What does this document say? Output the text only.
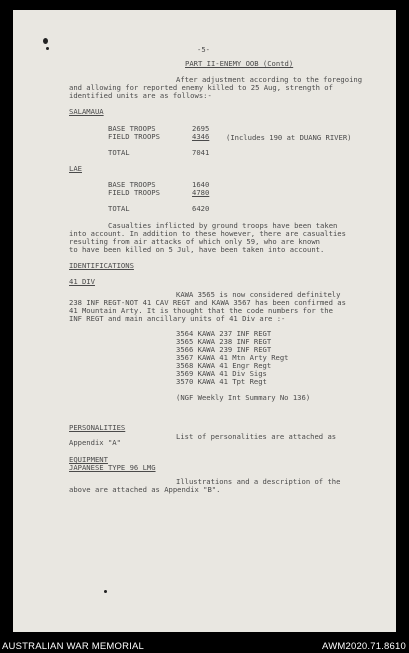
-5-
PART II-ENEMY OOB (Contd)
After adjustment according to the foregoing
and allowing for reported enemy killed to 25 Aug, strength of
identified units are as follows:-
SALAMAUA
BASE TROOPS	2695
FIELD TROOPS	4346 (Includes 190 at DUANG RIVER)
TOTAL	7041
LAE
BASE TROOPS	1640
FIELD TROOPS	4780
TOTAL	6420
Casualties inflicted by ground troops have been taken
into account. In addition to these however, there are casualties
resulting from air attacks of which only 59, who are known
to have been killed on 5 Jul, have been taken into account.
IDENTIFICATIONS
41 DIV
KAWA 3565 is now considered definitely
238 INF REGT-NOT 41 CAV REGT and KAWA 3567 has been confirmed as
41 Mountain Arty. It is thought that the code numbers for the
INF REGT and main ancillary units of 41 Div are :-
3564 KAWA 237 INF REGT
3565 KAWA 238 INF REGT
3566 KAWA 239 INF REGT
3567 KAWA 41 Mtn Arty Regt
3568 KAWA 41 Engr Regt
3569 KAWA 41 Div Sigs
3570 KAWA 41 Tpt Regt
(NGF Weekly Int Summary No 136)
PERSONALITIES
List of personalities are attached as
Appendix "A"
EQUIPMENT
JAPANESE TYPE 96 LMG
Illustrations and a description of the
above are attached as Appendix "B".
AUSTRALIAN WAR MEMORIAL	AWM2020.71.8610
